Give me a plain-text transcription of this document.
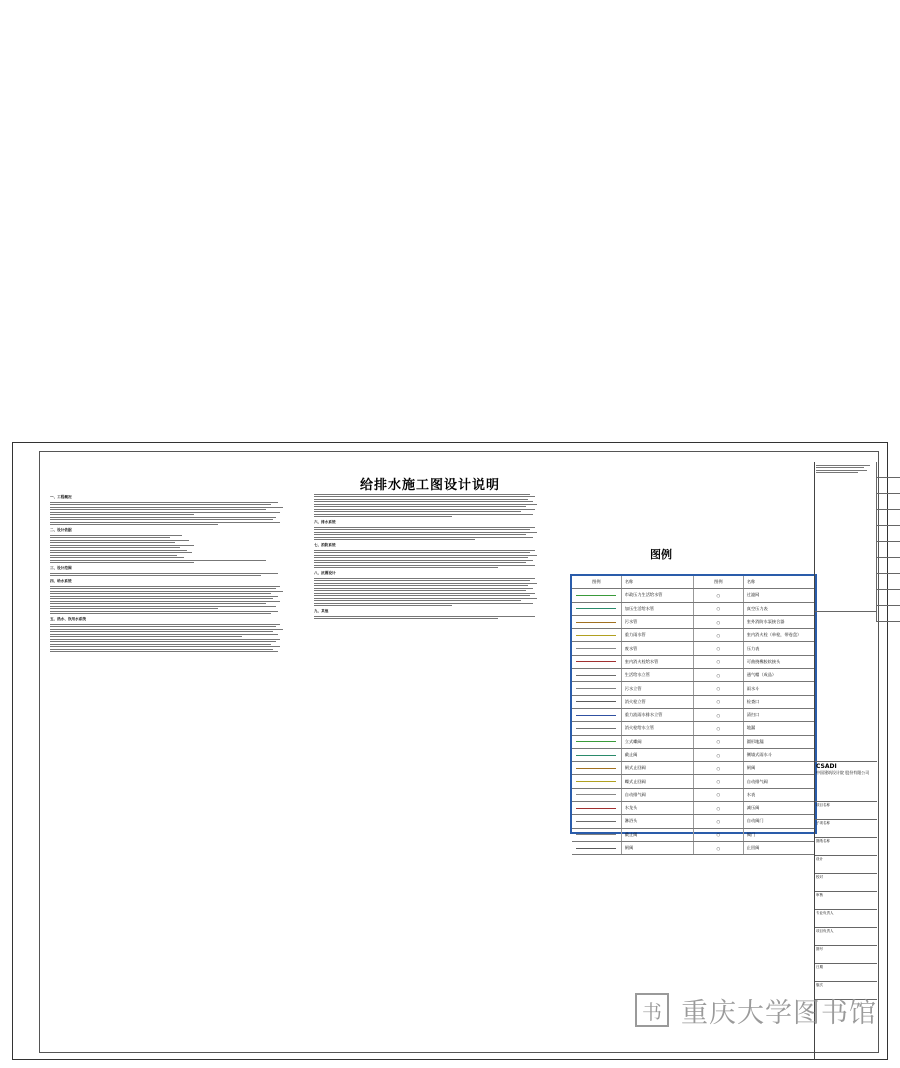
给排水施工图设计说明
一、工程概况
二、设计依据
三、设计范围
四、给水系统
五、热水、饮用水系统
六、排水系统
七、消防系统
八、抗震设计
九、其他
图例
图例	名称	图例	名称
市政压力生活给水管	○	过滤网
加压生活给水管	○	真空压力表
污水管	○	室外消防水泵接合器
重力雨水管	○	室内消火栓（单栓，带卷盘）
废水管	○	压力表
室内消火栓给水管	○	可曲挠橡胶软接头
生活给水立管	○	通气帽（成品）
污水立管	○	雨水斗
消火栓立管	○	检查口
重力流雨水排水立管	○	清扫口
消火栓给水立管	○	地漏
立式蝶阀	○	圆形地漏
截止阀	○	侧墙式雨水斗
闸式止回阀	○	闸阀
蝶式止回阀	○	自动排气阀
自动排气阀	○	水表
水龙头	○	减压阀
淋浴头	○	自动阀门
截止阀	○	阀门
闸阀	○	止回阀
CSADI
中国建筑设计院 股份有限公司
项目名称
子项名称
图纸名称
设计
校对
审核
专业负责人
项目负责人
图号
日期
版次
书 重庆大学图书馆
